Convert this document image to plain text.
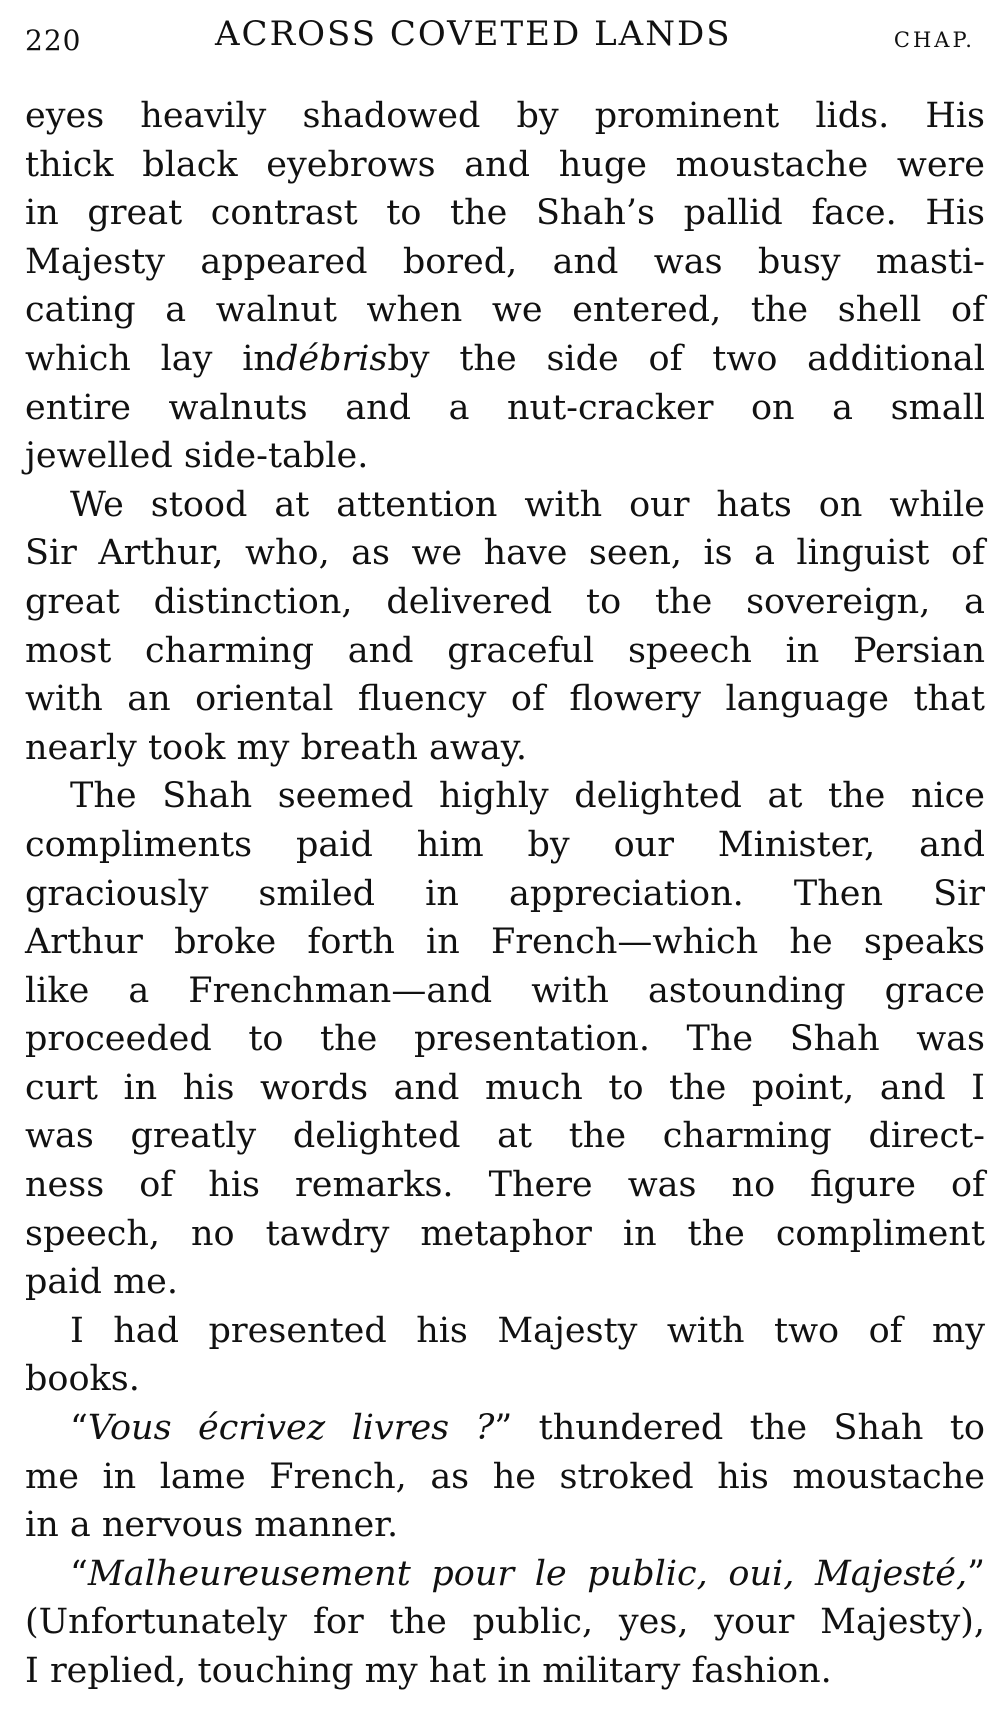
220	ACROSS COVETED LANDS	CHAP.
eyes heavily shadowed by prominent lids. His
thick black eyebrows and huge moustache were
in great contrast to the Shah’s pallid face. His
Majesty appeared bored, and was busy masti-
cating a walnut when we entered, the shell of
which lay indébrisby the side of two additional
entire walnuts and a nut-cracker on a small
jewelled side-table.
We stood at attention with our hats on while
Sir Arthur, who, as we have seen, is a linguist of
great distinction, delivered to the sovereign, a
most charming and graceful speech in Persian
with an oriental fluency of flowery language that
nearly took my breath away.
The Shah seemed highly delighted at the nice
compliments paid him by our Minister, and
graciously smiled in appreciation. Then Sir
Arthur broke forth in French—which he speaks
like a Frenchman—and with astounding grace
proceeded to the presentation. The Shah was
curt in his words and much to the point, and I
was greatly delighted at the charming direct-
ness of his remarks. There was no figure of
speech, no tawdry metaphor in the compliment
paid me.
I had presented his Majesty with two of my
books.
“Vous écrivez livres ?” thundered the Shah to
me in lame French, as he stroked his moustache
in a nervous manner.
“Malheureusement pour le public, oui, Majesté,”
(Unfortunately for the public, yes, your Majesty),
I replied, touching my hat in military fashion.
